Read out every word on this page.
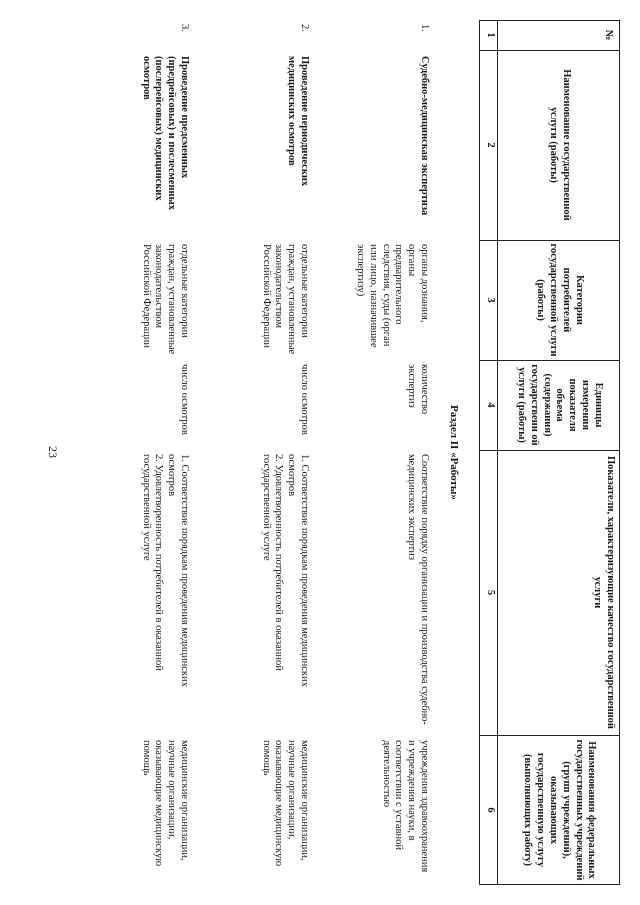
23
№
Наименование государственной услуги (работы)
Категории потребителей государственной услуги (работы)
Единицы измерения показателя объема (содержания) государственн ой услуги (работы)
Показатели, характеризующие качество государственной услуги
Наименования федеральных государственных учреждений (групп учреждений), оказывающих государственную услугу (выполняющих работу)
1
2
3
4
5
6
Раздел II «Работы»
1.
Судебно-медицинская экспертиза
органы дознания, органы предварительного следствия, суды (орган или лицо, назначившее экспертизу)
количество экспертиз
Соответствие порядку организации и производства судебно-медицинских экспертиз
учреждения здравоохранения и учреждения науки, в соответствии с уставной деятельностью
2.
Проведение периодических медицинских осмотров
отдельные категории граждан, установленные законодательством Российской Федерации
число осмотров
1. Соответствие порядкам проведения медицинских осмотров
2. Удовлетворенность потребителей в оказанной государственной услуге
медицинские организации, научные организации, оказывающие медицинскую помощь
3.
Проведение предсменных (предрейсовых) и послесменных (послерейсовых) медицинских осмотров
отдельные категории граждан, установленные законодательством Российской Федерации
число осмотров
1. Соответствие порядкам проведения медицинских осмотров
2. Удовлетворенность потребителей в оказанной государственной услуге
медицинские организации, научные организации, оказывающие медицинскую помощь
